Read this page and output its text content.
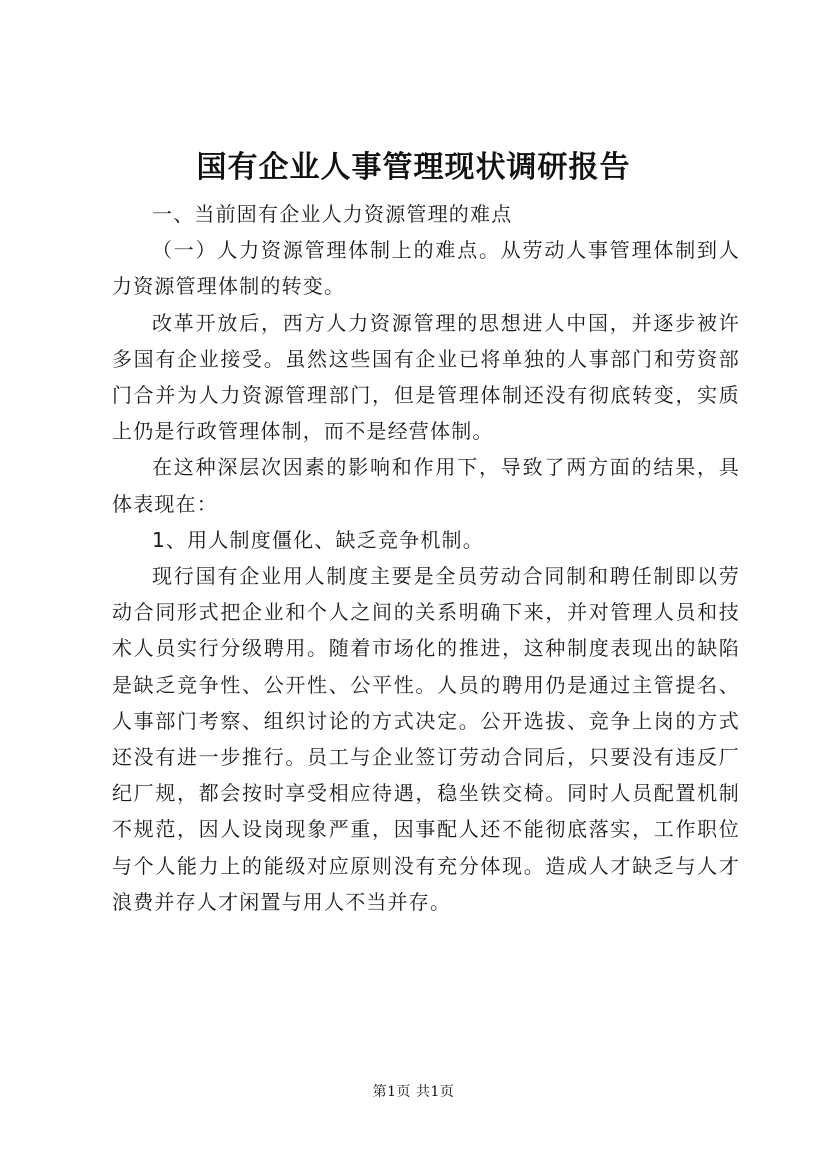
国有企业人事管理现状调研报告

一、当前固有企业人力资源管理的难点

（一）人力资源管理体制上的难点。从劳动人事管理体制到人力资源管理体制的转变。

改革开放后，西方人力资源管理的思想进人中国，并逐步被许多国有企业接受。虽然这些国有企业已将单独的人事部门和劳资部门合并为人力资源管理部门，但是管理体制还没有彻底转变，实质上仍是行政管理体制，而不是经营体制。

在这种深层次因素的影响和作用下，导致了两方面的结果，具体表现在：

1、用人制度僵化、缺乏竞争机制。

现行国有企业用人制度主要是全员劳动合同制和聘任制即以劳动合同形式把企业和个人之间的关系明确下来，并对管理人员和技术人员实行分级聘用。随着市场化的推进，这种制度表现出的缺陷是缺乏竞争性、公开性、公平性。人员的聘用仍是通过主管提名、人事部门考察、组织讨论的方式决定。公开选拔、竞争上岗的方式还没有进一步推行。员工与企业签订劳动合同后，只要没有违反厂纪厂规，都会按时享受相应待遇，稳坐铁交椅。同时人员配置机制不规范，因人设岗现象严重，因事配人还不能彻底落实，工作职位与个人能力上的能级对应原则没有充分体现。造成人才缺乏与人才浪费并存人才闲置与用人不当并存。

第1页 共1页
